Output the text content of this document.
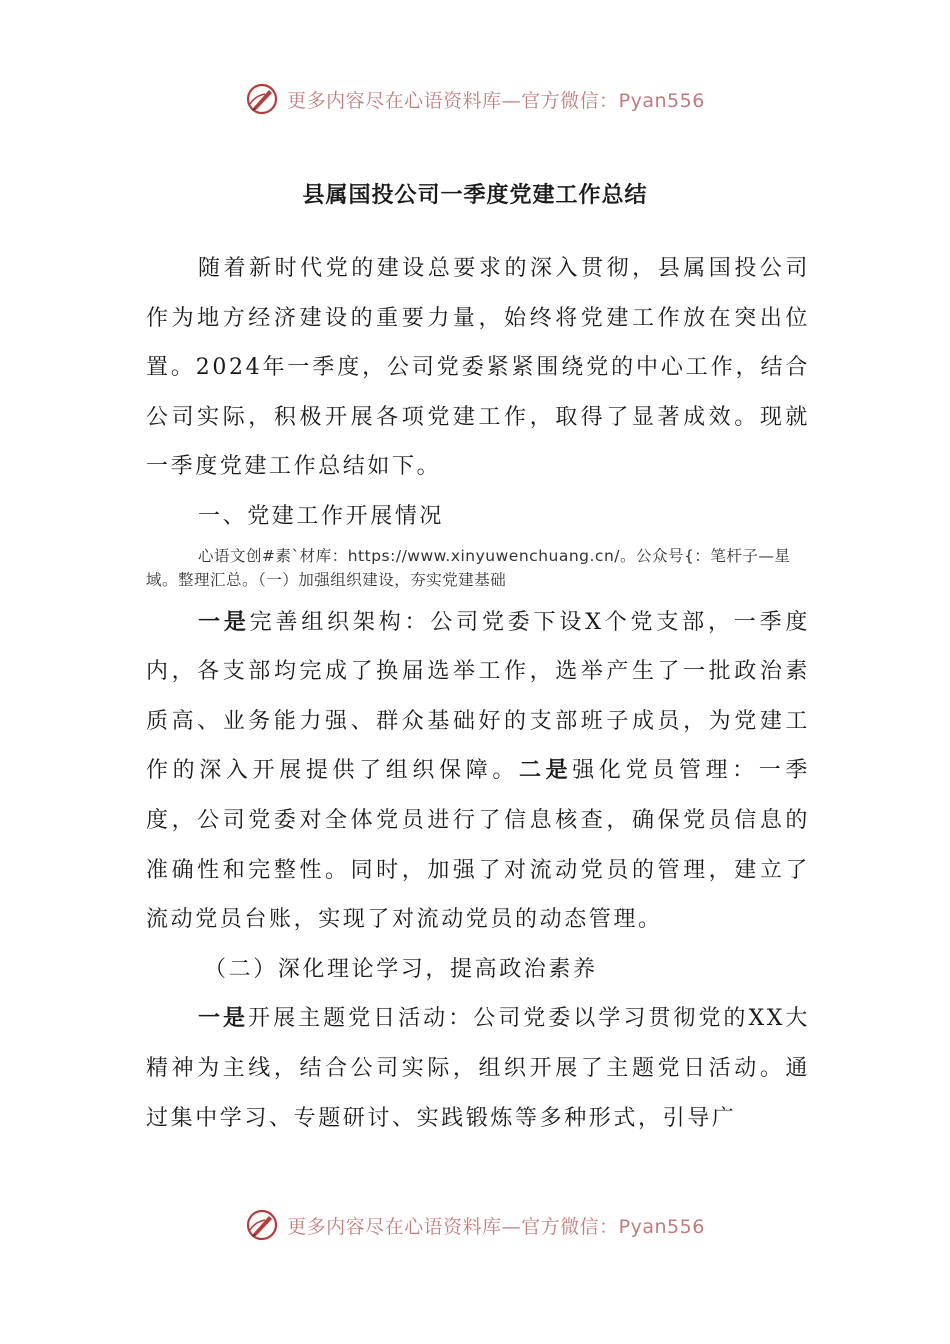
更多内容尽在心语资料库—官方微信：Pyan556
县属国投公司一季度党建工作总结

随着新时代党的建设总要求的深入贯彻，县属国投公司作为地方经济建设的重要力量，始终将党建工作放在突出位置。2024年一季度，公司党委紧紧围绕党的中心工作，结合公司实际，积极开展各项党建工作，取得了显著成效。现就一季度党建工作总结如下。

一、党建工作开展情况

心语文创#素`材库：https://www.xinyuwenchuang.cn/。公众号{：笔杆子—星域。整理汇总。（一）加强组织建设，夯实党建基础

一是完善组织架构：公司党委下设X个党支部，一季度内，各支部均完成了换届选举工作，选举产生了一批政治素质高、业务能力强、群众基础好的支部班子成员，为党建工作的深入开展提供了组织保障。二是强化党员管理：一季度，公司党委对全体党员进行了信息核查，确保党员信息的准确性和完整性。同时，加强了对流动党员的管理，建立了流动党员台账，实现了对流动党员的动态管理。

（二）深化理论学习，提高政治素养

一是开展主题党日活动：公司党委以学习贯彻党的XX大精神为主线，结合公司实际，组织开展了主题党日活动。通过集中学习、专题研讨、实践锻炼等多种形式，引导广

更多内容尽在心语资料库—官方微信：Pyan556
